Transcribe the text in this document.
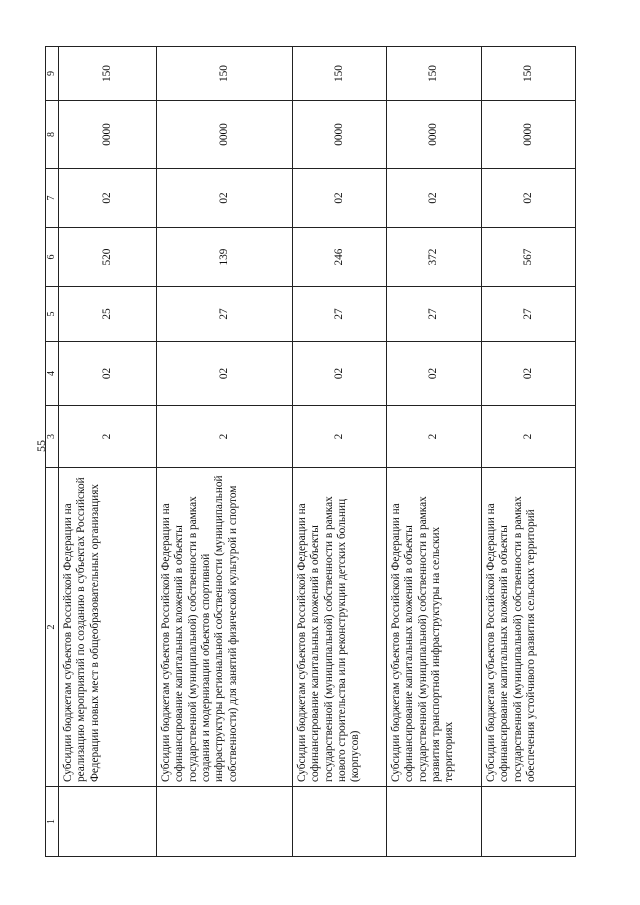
55
1	2	3	4	5	6	7	8	9
	Субсидии бюджетам субъектов Российской Федерации на реализацию мероприятий по созданию в субъектах Российской Федерации новых мест в общеобразовательных организациях	2	02	25	520	02	0000	150
	Субсидии бюджетам субъектов Российской Федерации на софинансирование капитальных вложений в объекты государственной (муниципальной) собственности в рамках создания и модернизации объектов спортивной инфраструктуры региональной собственности (муниципальной собственности) для занятий физической культурой и спортом	2	02	27	139	02	0000	150
	Субсидии бюджетам субъектов Российской Федерации на софинансирование капитальных вложений в объекты государственной (муниципальной) собственности в рамках нового строительства или реконструкции детских больниц (корпусов)	2	02	27	246	02	0000	150
	Субсидии бюджетам субъектов Российской Федерации на софинансирование капитальных вложений в объекты государственной (муниципальной) собственности в рамках развития транспортной инфраструктуры на сельских территориях	2	02	27	372	02	0000	150
	Субсидии бюджетам субъектов Российской Федерации на софинансирование капитальных вложений в объекты государственной (муниципальной) собственности в рамках обеспечения устойчивого развития сельских территорий	2	02	27	567	02	0000	150
